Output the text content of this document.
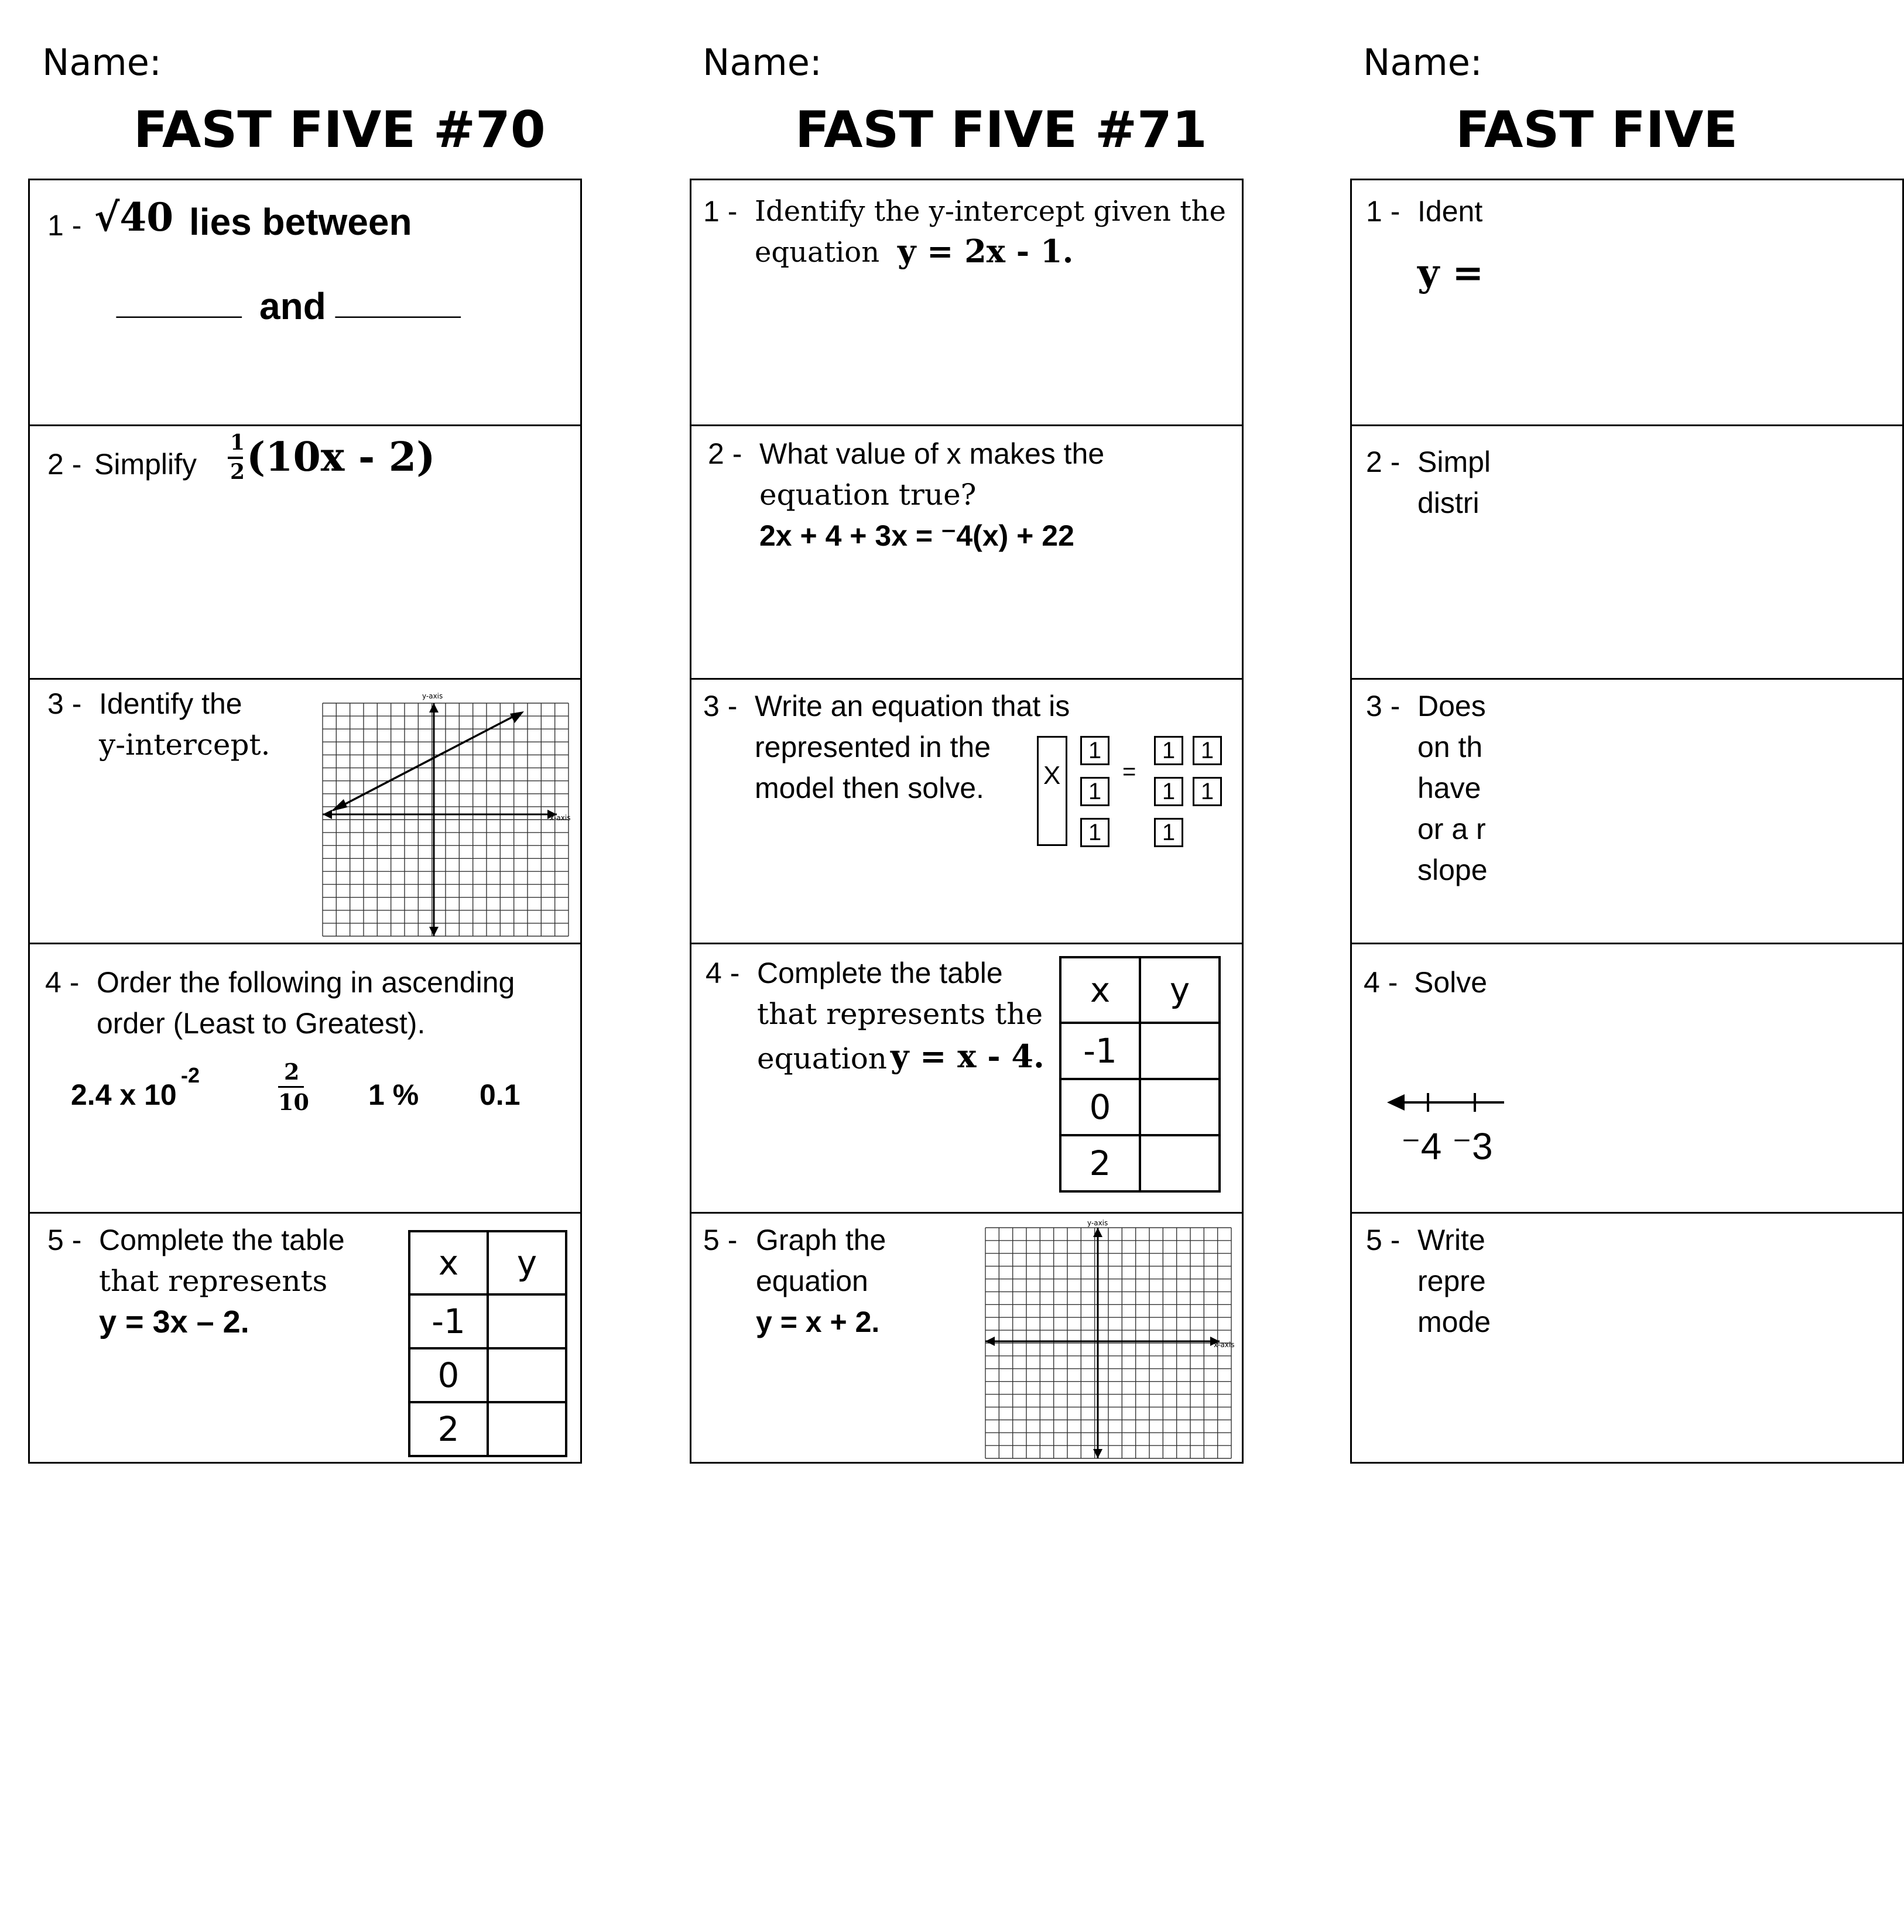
Name:
FAST FIVE #70
1 - √40 lies between
______ and ______
2 - Simplify
1
2 (10x - 2)
3 - Identify the
y-intercept.
y-axis
x-axis
4 - Order the following in ascending
order (Least to Greatest).
2.4 x 10
-2	2
10 1 % 0.1
5 - Complete the table
that represents
y = 3x – 2.
x	y
-1	
0	
2	
Name:
FAST FIVE #71
1 - Identify the y-intercept given the
equation y = 2x - 1.
2 - What value of x makes the
equation true?
2x + 4 + 3x = ⁻4(x) + 22
3 - Write an equation that is
represented in the
model then solve. X
1
1
1
=
1	1
1	1
1
4 - Complete the table
that represents the
equation y = x - 4.
x	y
-1	
0	
2	
5 - Graph the
equation
y = x + 2.
y-axis
x-axis
Name:
FAST FIVE
1 - Ident
y =
2 - Simpl
distri
3 - Does
on th
have
or a r
slope
4 - Solve
⁻4 ⁻3
5 - Write
repre
mode
